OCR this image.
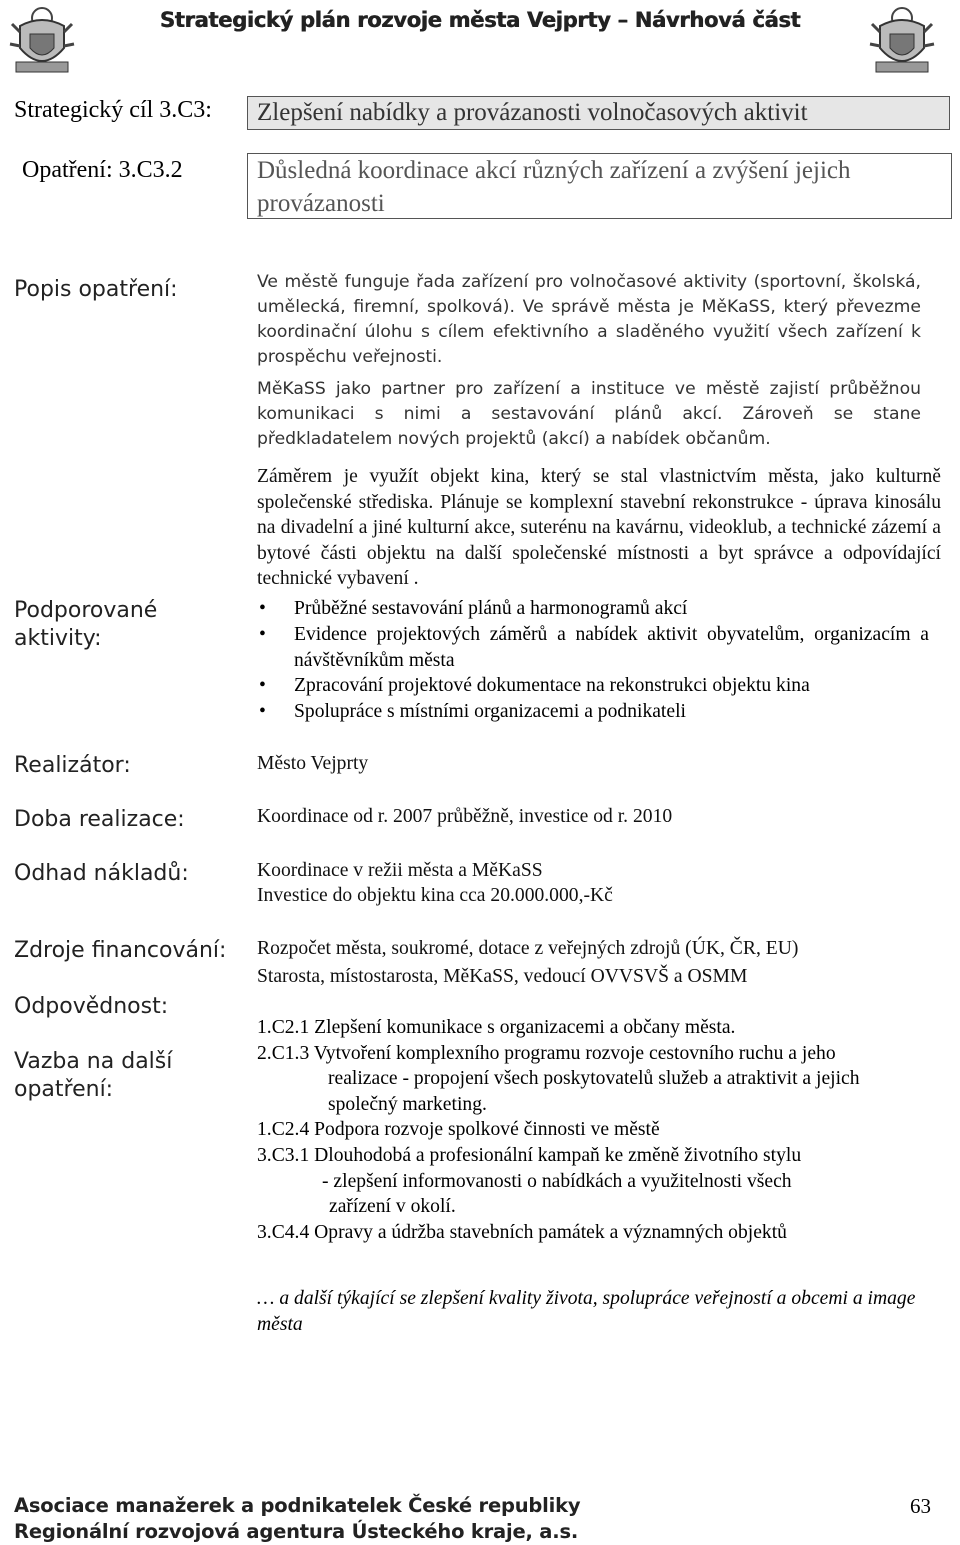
Strategický plán rozvoje města Vejprty – Návrhová část
Strategický cíl 3.C3:	Zlepšení nabídky a provázanosti volnočasových aktivit
Opatření: 3.C3.2	Důsledná koordinace akcí různých zařízení a zvýšení jejich provázanosti
Popis opatření:	Ve městě funguje řada zařízení pro volnočasové aktivity (sportovní, školská, umělecká, firemní, spolková). Ve správě města je MěKaSS, který převezme koordinační úlohu s cílem efektivního a sladěného využití všech zařízení k prospěchu veřejnosti.

MěKaSS jako partner pro zařízení a instituce ve městě zajistí průběžnou komunikaci s nimi a sestavování plánů akcí. Zároveň se stane předkladatelem nových projektů (akcí) a nabídek občanům.

Záměrem je využít objekt kina, který se stal vlastnictvím města, jako kulturně společenské střediska. Plánuje se komplexní stavební rekonstrukce - úprava kinosálu na divadelní a jiné kulturní akce, suterénu na kavárnu, videoklub, a technické zázemí a bytové části objektu na další společenské místnosti a byt správce a odpovídající technické vybavení .
Podporované aktivity:
• Průběžné sestavování plánů a harmonogramů akcí
• Evidence projektových záměrů a nabídek aktivit obyvatelům, organizacím a návštěvníkům města
• Zpracování projektové dokumentace na rekonstrukci objektu kina
• Spolupráce s místními organizacemi a podnikateli
Realizátor:	Město Vejprty
Doba realizace:	Koordinace od r. 2007 průběžně, investice od r. 2010
Odhad nákladů:	Koordinace v režii města a MěKaSS
Investice do objektu kina cca 20.000.000,-Kč
Zdroje financování: Rozpočet města, soukromé, dotace z veřejných zdrojů (ÚK, ČR, EU)
Odpovědnost:
Starosta, místostarosta, MěKaSS, vedoucí OVVSVŠ a OSMM
Vazba na další opatření:
1.C2.1 Zlepšení komunikace s organizacemi a občany města.
2.C1.3 Vytvoření komplexního programu rozvoje cestovního ruchu a jeho
realizace - propojení všech poskytovatelů služeb a atraktivit a jejich
společný marketing.
1.C2.4 Podpora rozvoje spolkové činnosti ve městě
3.C3.1 Dlouhodobá a profesionální kampaň ke změně životního stylu
- zlepšení informovanosti o nabídkách a využitelnosti všech
zařízení v okolí.
3.C4.4 Opravy a údržba stavebních památek a významných objektů
… a další týkající se zlepšení kvality života, spolupráce veřejností a obcemi a image města
Asociace manažerek a podnikatelek České republiky
Regionální rozvojová agentura Ústeckého kraje, a.s.
63
